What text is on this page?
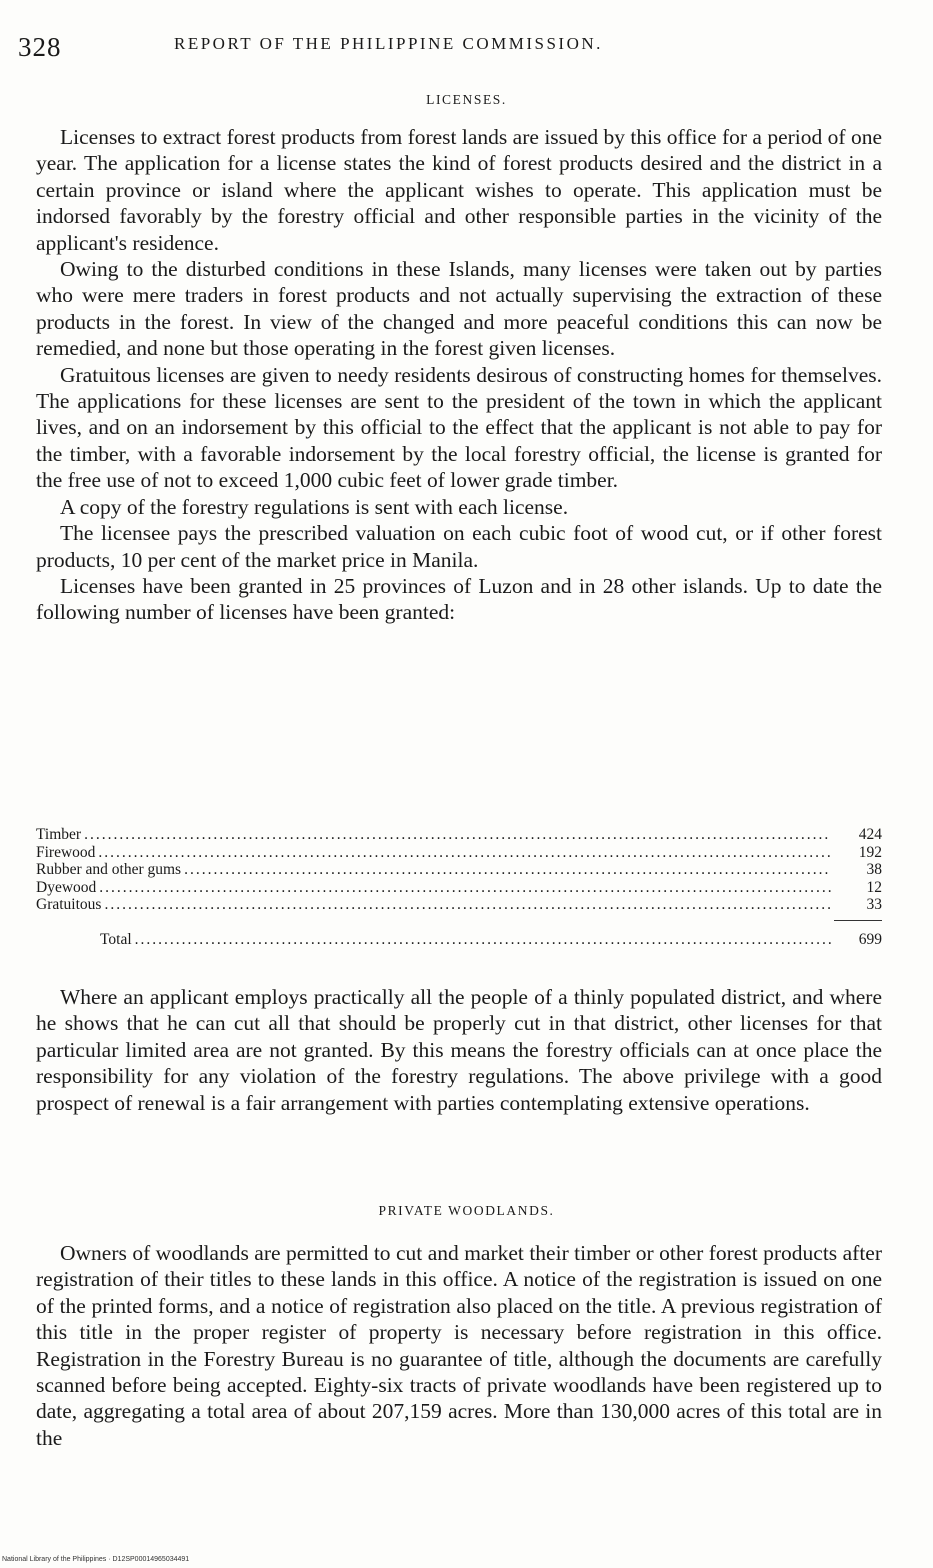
328	REPORT OF THE PHILIPPINE COMMISSION.
LICENSES.

Licenses to extract forest products from forest lands are issued by this office for a period of one year. The application for a license states the kind of forest products desired and the district in a certain province or island where the applicant wishes to operate. This application must be indorsed favorably by the forestry official and other responsible parties in the vicinity of the applicant's residence.

Owing to the disturbed conditions in these Islands, many licenses were taken out by parties who were mere traders in forest products and not actually supervising the extraction of these products in the forest. In view of the changed and more peaceful conditions this can now be remedied, and none but those operating in the forest given licenses.

Gratuitous licenses are given to needy residents desirous of constructing homes for themselves. The applications for these licenses are sent to the president of the town in which the applicant lives, and on an indorsement by this official to the effect that the applicant is not able to pay for the timber, with a favorable indorsement by the local forestry official, the license is granted for the free use of not to exceed 1,000 cubic feet of lower grade timber.

A copy of the forestry regulations is sent with each license.

The licensee pays the prescribed valuation on each cubic foot of wood cut, or if other forest products, 10 per cent of the market price in Manila.

Licenses have been granted in 25 provinces of Luzon and in 28 other islands. Up to date the following number of licenses have been granted:

Timber .....	424
Firewood .....	192
Rubber and other gums .....	38
Dyewood .....	12
Gratuitous .....	33
Total .....	699

Where an applicant employs practically all the people of a thinly populated district, and where he shows that he can cut all that should be properly cut in that district, other licenses for that particular limited area are not granted. By this means the forestry officials can at once place the responsibility for any violation of the forestry regulations. The above privilege with a good prospect of renewal is a fair arrangement with parties contemplating extensive operations.

PRIVATE WOODLANDS.

Owners of woodlands are permitted to cut and market their timber or other forest products after registration of their titles to these lands in this office. A notice of the registration is issued on one of the printed forms, and a notice of registration also placed on the title. A previous registration of this title in the proper register of property is necessary before registration in this office. Registration in the Forestry Bureau is no guarantee of title, although the documents are carefully scanned before being accepted. Eighty-six tracts of private woodlands have been registered up to date, aggregating a total area of about 207,159 acres. More than 130,000 acres of this total are in the

National Library of the Philippines · D12SP00014965034491
